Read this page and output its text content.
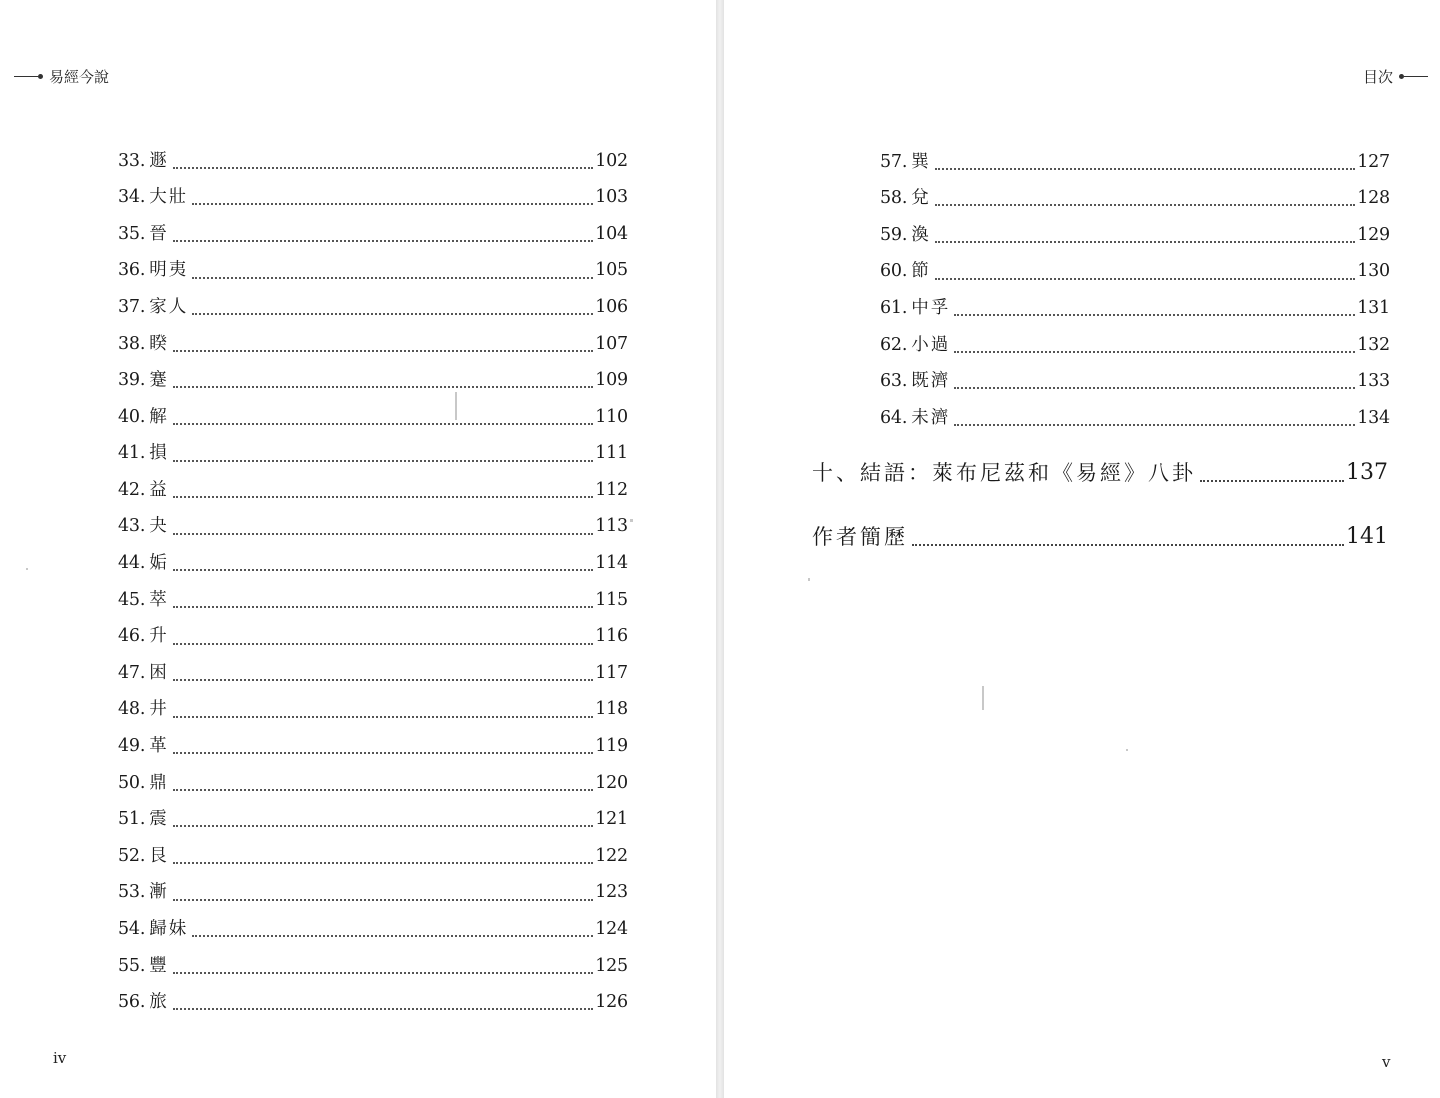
易經今說
33. 遯	102
34. 大壯	103
35. 晉	104
36. 明夷	105
37. 家人	106
38. 睽	107
39. 蹇	109
40. 解	110
41. 損	111
42. 益	112
43. 夬	113
44. 姤	114
45. 萃	115
46. 升	116
47. 困	117
48. 井	118
49. 革	119
50. 鼎	120
51. 震	121
52. 艮	122
53. 漸	123
54. 歸妹	124
55. 豐	125
56. 旅	126
iv
目次
57. 巽	127
58. 兌	128
59. 渙	129
60. 節	130
61. 中孚	131
62. 小過	132
63. 既濟	133
64. 未濟	134
十、結語：萊布尼茲和《易經》八卦	137
作者簡歷	141
v
